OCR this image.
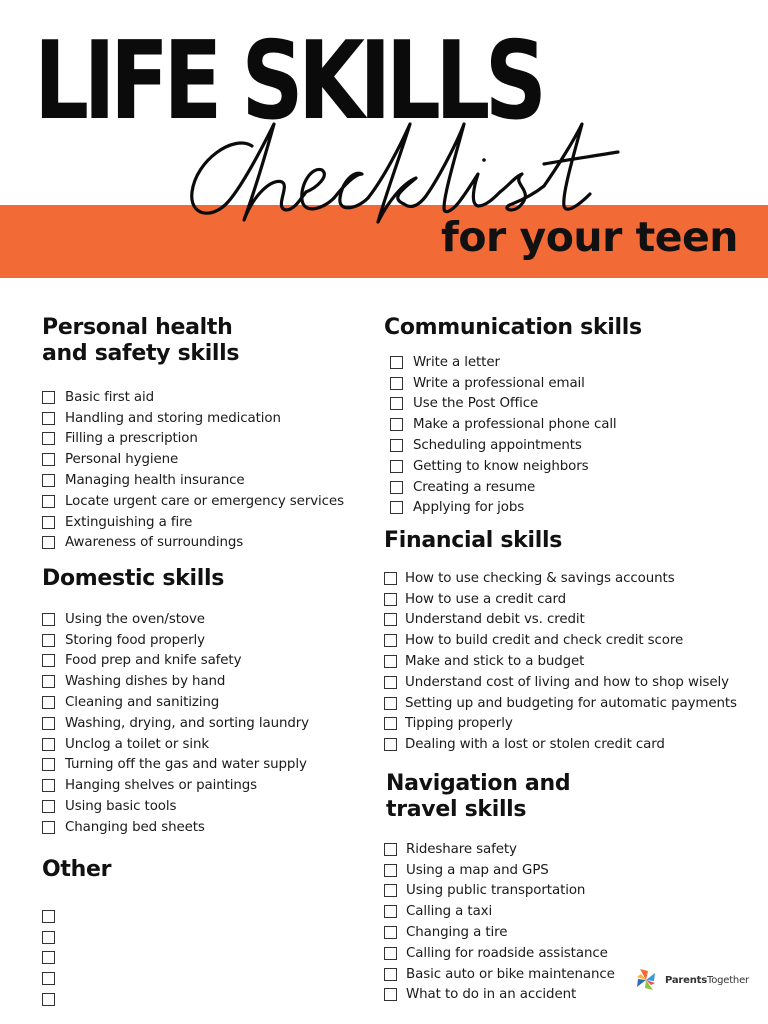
LIFE SKILLS

for your teen

Personal health
and safety skills
Basic first aid
Handling and storing medication
Filling a prescription
Personal hygiene
Managing health insurance
Locate urgent care or emergency services
Extinguishing a fire
Awareness of surroundings
Domestic skills
Using the oven/stove
Storing food properly
Food prep and knife safety
Washing dishes by hand
Cleaning and sanitizing
Washing, drying, and sorting laundry
Unclog a toilet or sink
Turning off the gas and water supply
Hanging shelves or paintings
Using basic tools
Changing bed sheets
Other
Communication skills
Write a letter
Write a professional email
Use the Post Office
Make a professional phone call
Scheduling appointments
Getting to know neighbors
Creating a resume
Applying for jobs
Financial skills
How to use checking & savings accounts
How to use a credit card
Understand debit vs. credit
How to build credit and check credit score
Make and stick to a budget
Understand cost of living and how to shop wisely
Setting up and budgeting for automatic payments
Tipping properly
Dealing with a lost or stolen credit card
Navigation and
travel skills
Rideshare safety
Using a map and GPS
Using public transportation
Calling a taxi
Changing a tire
Calling for roadside assistance
Basic auto or bike maintenance
What to do in an accident
ParentsTogether
